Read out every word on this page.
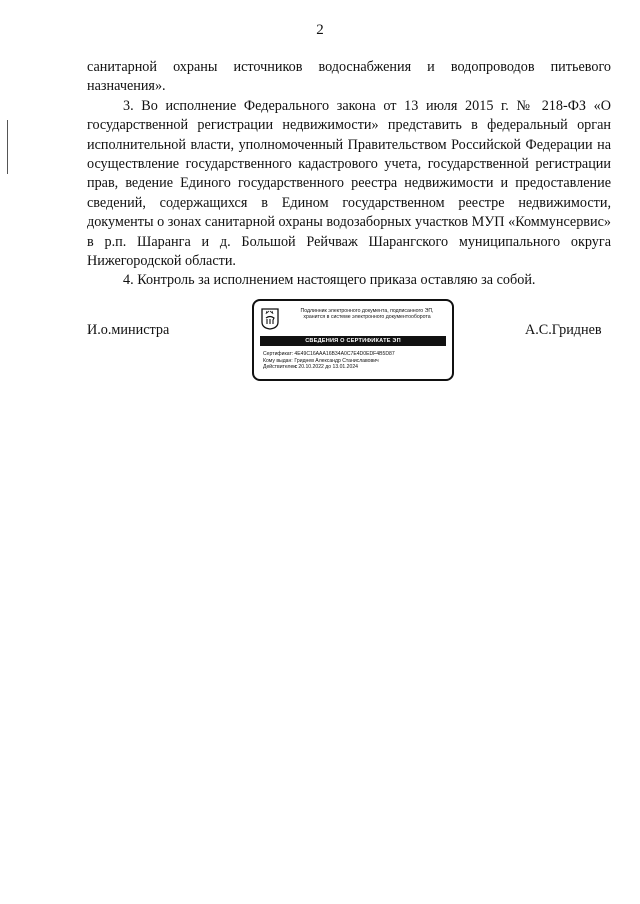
2

санитарной охраны источников водоснабжения и водопроводов питьевого назначения».

3. Во исполнение Федерального закона от 13 июля 2015 г. № 218-ФЗ «О государственной регистрации недвижимости» представить в федеральный орган исполнительной власти, уполномоченный Правительством Российской Федерации на осуществление государственного кадастрового учета, государственной регистрации прав, ведение Единого государственного реестра недвижимости и предоставление сведений, содержащихся в Едином государственном реестре недвижимости, документы о зонах санитарной охраны водозаборных участков МУП «Коммунсервис» в р.п. Шаранга и д. Большой Рейчваж Шарангского муниципального округа Нижегородской области.

4. Контроль за исполнением настоящего приказа оставляю за собой.

И.о.министра	А.С.Гриднев
Подлинник электронного документа, подписанного ЭП,
хранится в системе электронного документооборота
СВЕДЕНИЯ О СЕРТИФИКАТЕ ЭП
Сертификат: 4E49C16AAA16B34A0C7E4D0EDF4B5D87
Кому выдан: Гриднев Александр Станиславович
Действителен: с 20.10.2022 до 13.01.2024
